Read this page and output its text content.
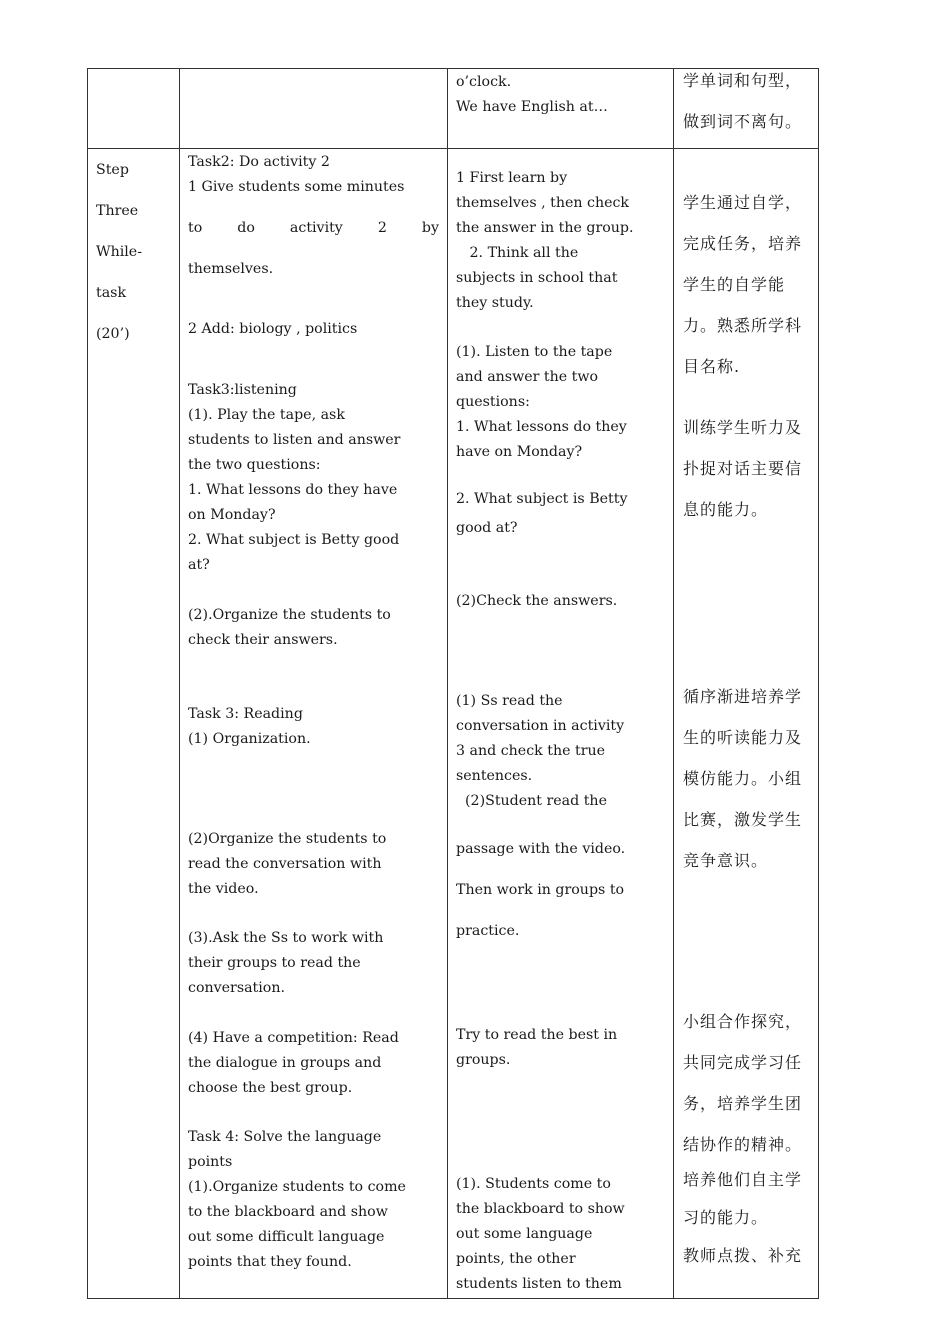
o’clock.
We have English at…
学单词和句型，
做到词不离句。
Step
Three
While-
task
(20’)
Task2: Do activity 2
1 Give students some minutes
to do activity 2 by
themselves.
2 Add: biology , politics
Task3:listening
(1). Play the tape, ask
students to listen and answer
the two questions:
1. What lessons do they have
on Monday?
2. What subject is Betty good
at?
(2).Organize the students to
check their answers.
Task 3: Reading
(1) Organization.
(2)Organize the students to
read the conversation with
the video.
(3).Ask the Ss to work with
their groups to read the
conversation.
(4) Have a competition: Read
the dialogue in groups and
choose the best group.
Task 4: Solve the language
points
(1).Organize students to come
to the blackboard and show
out some difficult language
points that they found.
1 First learn by
themselves , then check
the answer in the group.
2. Think all the
subjects in school that
they study.
(1). Listen to the tape
and answer the two
questions:
1. What lessons do they
have on Monday?
2. What subject is Betty
good at?
(2)Check the answers.
(1) Ss read the
conversation in activity
3 and check the true
sentences.
(2)Student read the
passage with the video.
Then work in groups to
practice.
Try to read the best in
groups.
(1). Students come to
the blackboard to show
out some language
points, the other
students listen to them
学生通过自学，
完成任务，培养
学生的自学能
力。熟悉所学科
目名称.
训练学生听力及
扑捉对话主要信
息的能力。
循序渐进培养学
生的听读能力及
模仿能力。小组
比赛，激发学生
竞争意识。
小组合作探究，
共同完成学习任
务，培养学生团
结协作的精神。
培养他们自主学
习的能力。
教师点拨、补充
